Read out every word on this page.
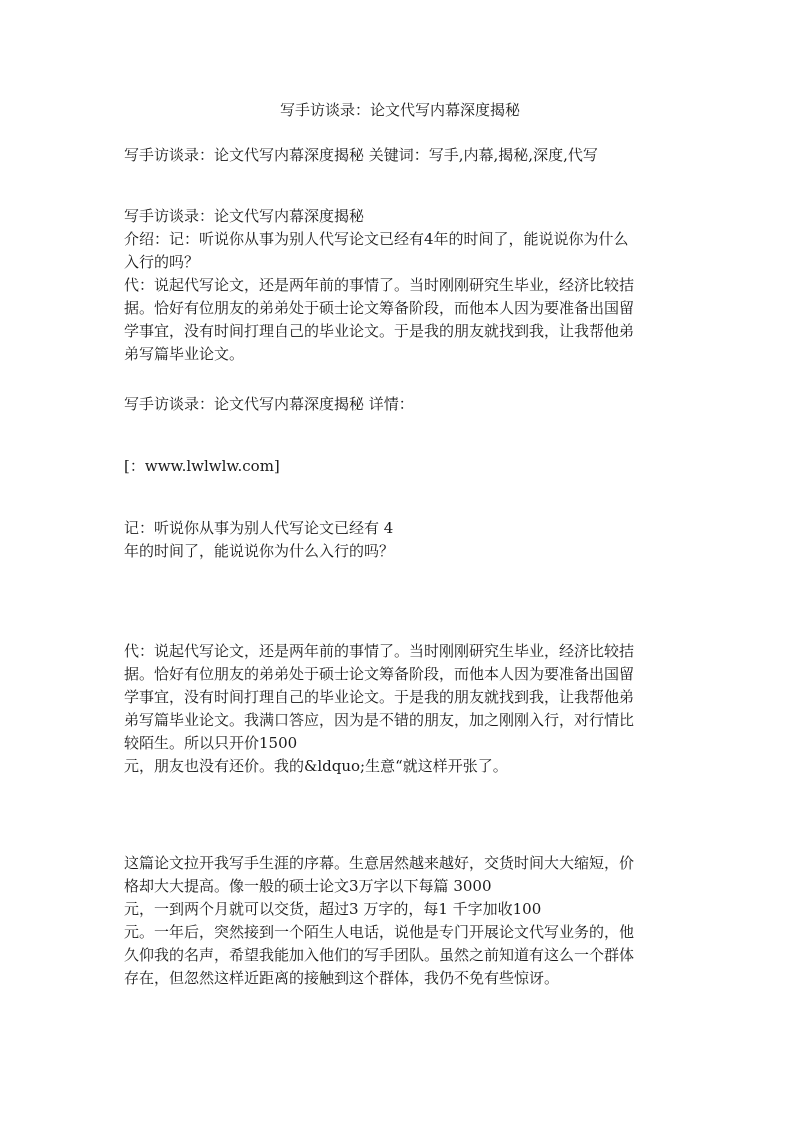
写手访谈录：论文代写内幕深度揭秘
写手访谈录：论文代写内幕深度揭秘 关键词：写手,内幕,揭秘,深度,代写
写手访谈录：论文代写内幕深度揭秘
介绍：记：听说你从事为别人代写论文已经有4年的时间了，能说说你为什么
入行的吗？
代：说起代写论文，还是两年前的事情了。当时刚刚研究生毕业，经济比较拮
据。恰好有位朋友的弟弟处于硕士论文筹备阶段，而他本人因为要准备出国留
学事宜，没有时间打理自己的毕业论文。于是我的朋友就找到我，让我帮他弟
弟写篇毕业论文。
写手访谈录：论文代写内幕深度揭秘 详情：
[：www.lwlwlw.com]
记：听说你从事为别人代写论文已经有 4
年的时间了，能说说你为什么入行的吗？
代：说起代写论文，还是两年前的事情了。当时刚刚研究生毕业，经济比较拮
据。恰好有位朋友的弟弟处于硕士论文筹备阶段，而他本人因为要准备出国留
学事宜，没有时间打理自己的毕业论文。于是我的朋友就找到我，让我帮他弟
弟写篇毕业论文。我满口答应，因为是不错的朋友，加之刚刚入行，对行情比
较陌生。所以只开价1500
元，朋友也没有还价。我的&ldquo;生意“就这样开张了。
这篇论文拉开我写手生涯的序幕。生意居然越来越好，交货时间大大缩短，价
格却大大提高。像一般的硕士论文3万字以下每篇 3000
元，一到两个月就可以交货，超过3 万字的，每1 千字加收100
元。一年后，突然接到一个陌生人电话，说他是专门开展论文代写业务的，他
久仰我的名声，希望我能加入他们的写手团队。虽然之前知道有这么一个群体
存在，但忽然这样近距离的接触到这个群体，我仍不免有些惊讶。
